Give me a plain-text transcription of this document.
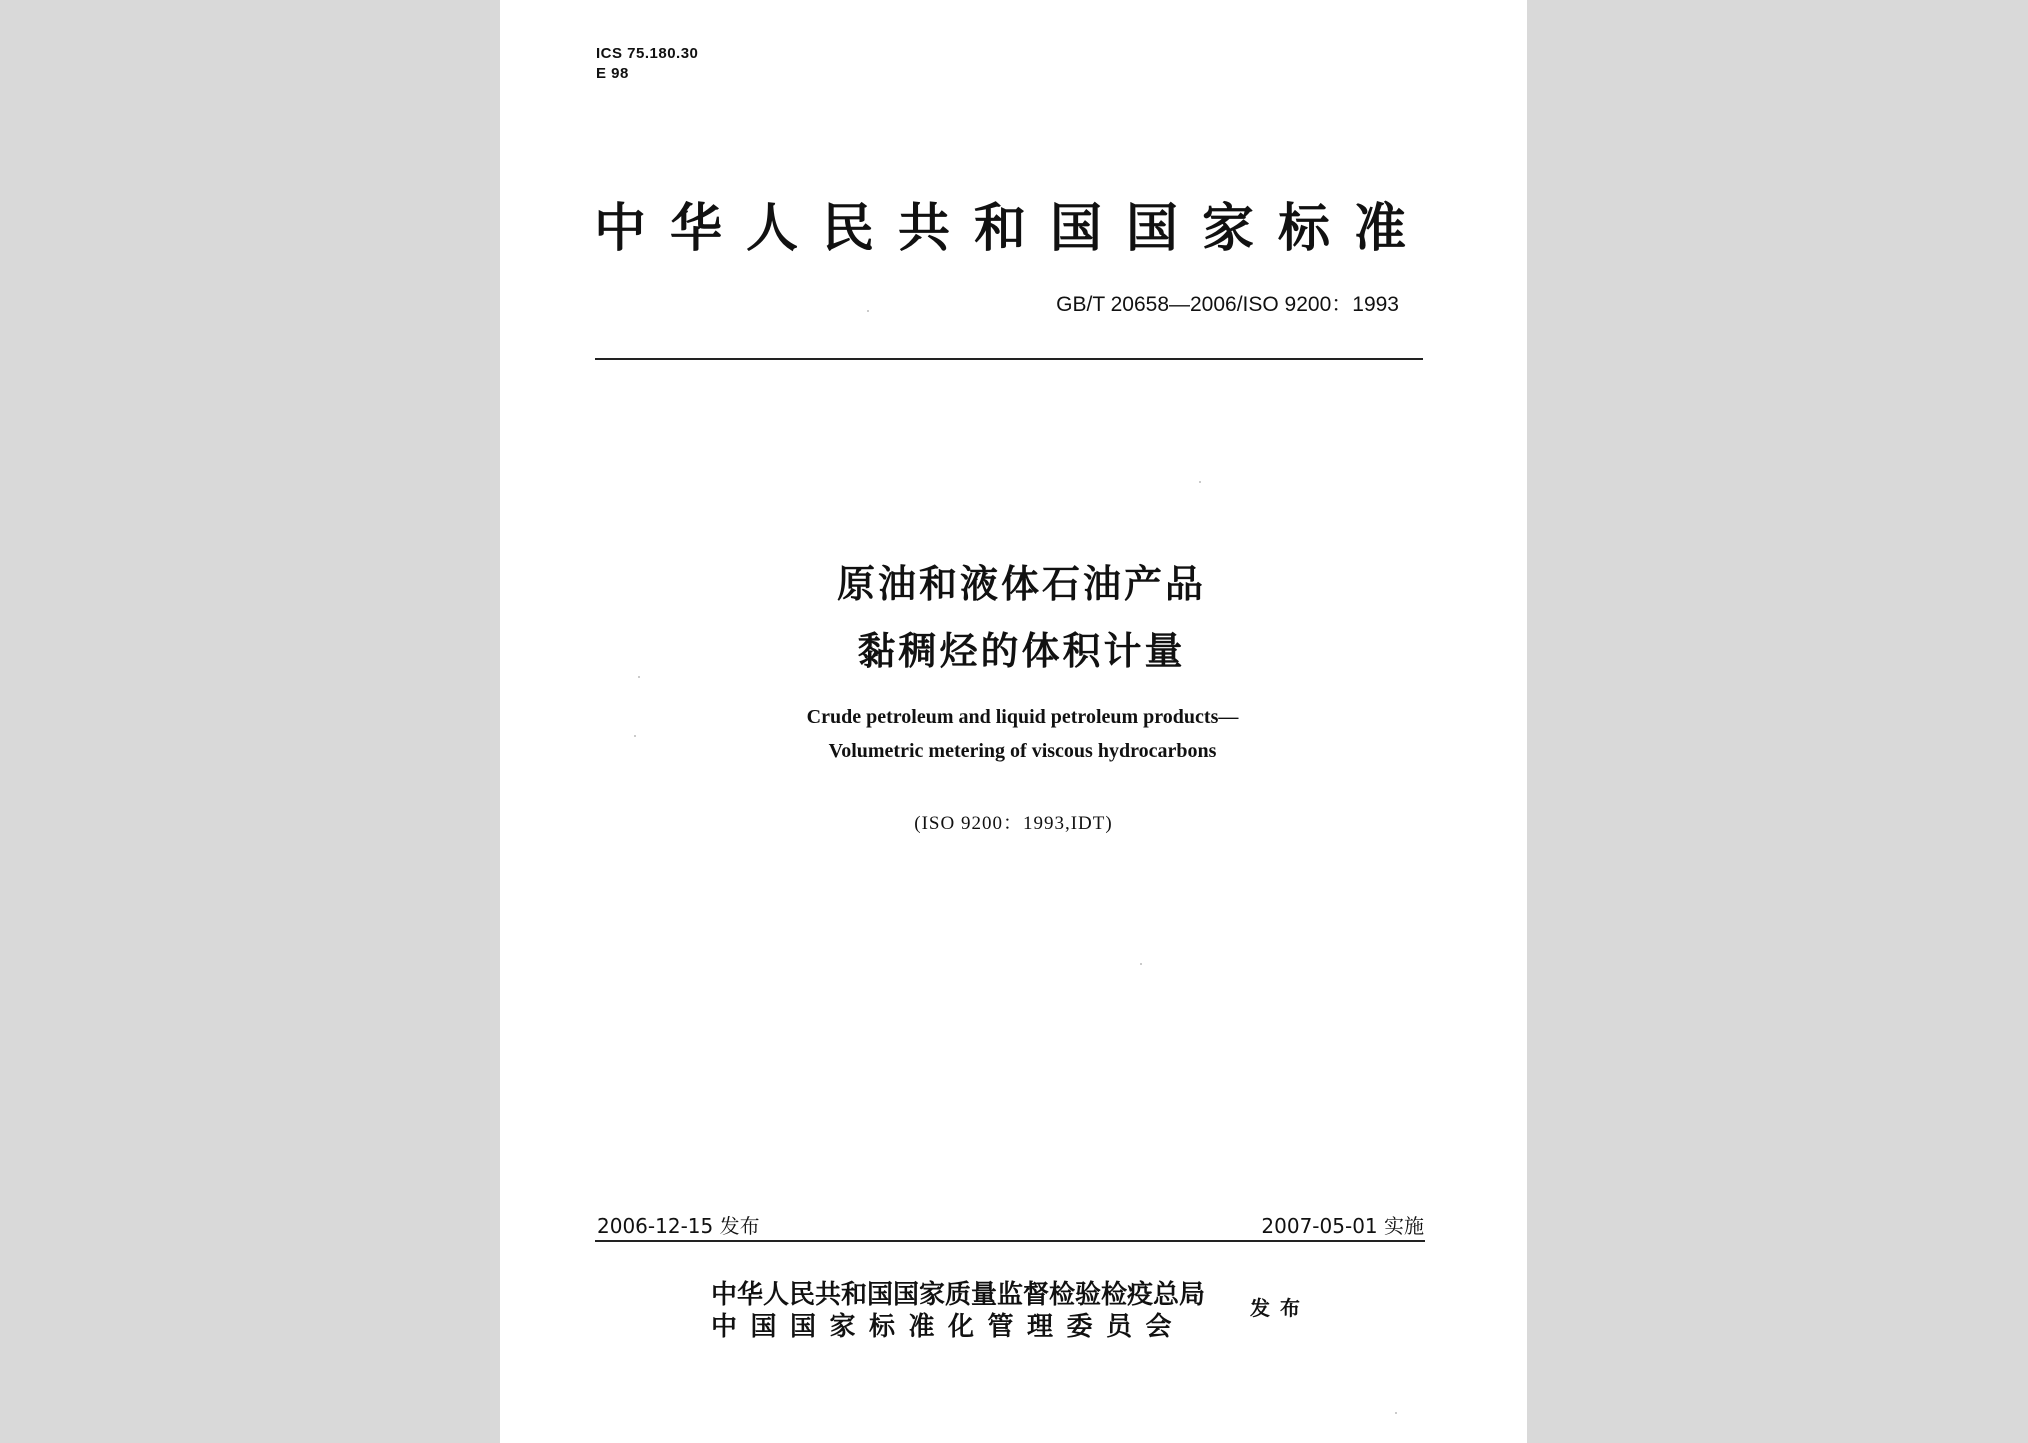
ICS 75.180.30
E 98
中华人民共和国国家标准
GB/T 20658—2006/ISO 9200：1993
原油和液体石油产品
黏稠烃的体积计量
Crude petroleum and liquid petroleum products—
Volumetric metering of viscous hydrocarbons
(ISO 9200：1993,IDT)
2006-12-15 发布	2007-05-01 实施
中华人民共和国国家质量监督检验检疫总局
中国国家标准化管理委员会
发布
